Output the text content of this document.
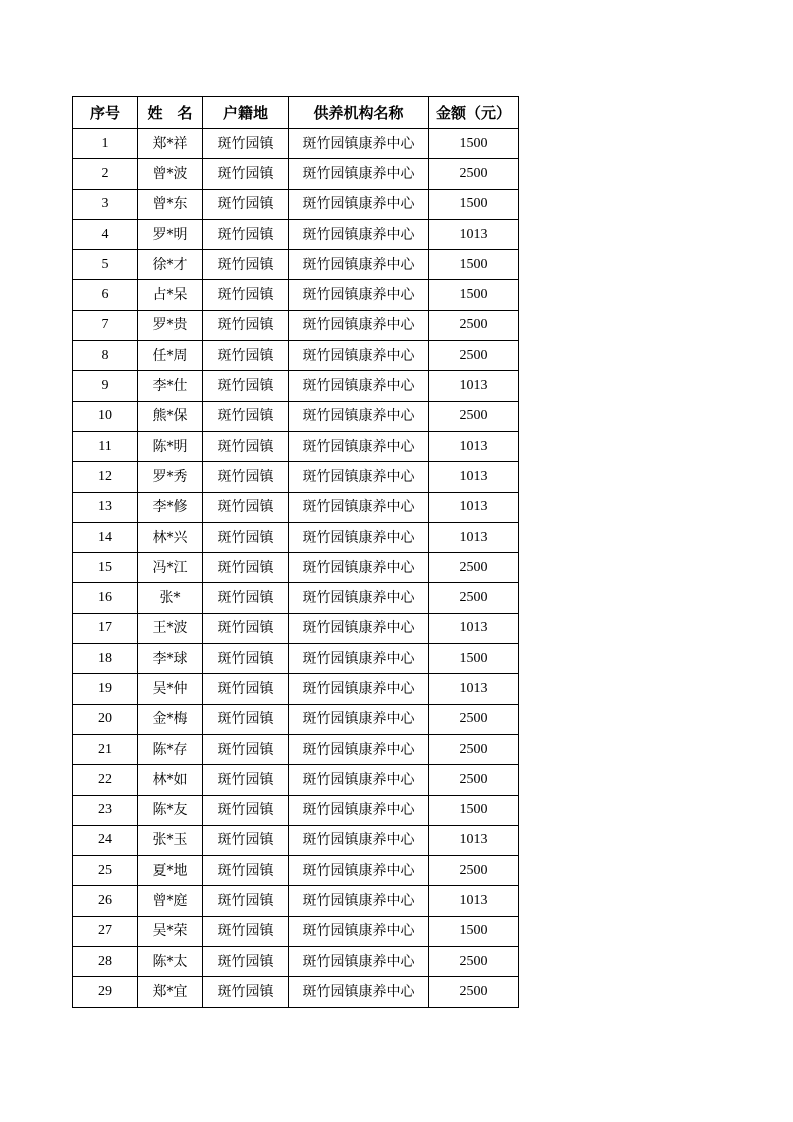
序号	姓　名	户籍地	供养机构名称	金额（元）
1	郑*祥	斑竹园镇	斑竹园镇康养中心	1500
2	曾*波	斑竹园镇	斑竹园镇康养中心	2500
3	曾*东	斑竹园镇	斑竹园镇康养中心	1500
4	罗*明	斑竹园镇	斑竹园镇康养中心	1013
5	徐*才	斑竹园镇	斑竹园镇康养中心	1500
6	占*呆	斑竹园镇	斑竹园镇康养中心	1500
7	罗*贵	斑竹园镇	斑竹园镇康养中心	2500
8	任*周	斑竹园镇	斑竹园镇康养中心	2500
9	李*仕	斑竹园镇	斑竹园镇康养中心	1013
10	熊*保	斑竹园镇	斑竹园镇康养中心	2500
11	陈*明	斑竹园镇	斑竹园镇康养中心	1013
12	罗*秀	斑竹园镇	斑竹园镇康养中心	1013
13	李*修	斑竹园镇	斑竹园镇康养中心	1013
14	林*兴	斑竹园镇	斑竹园镇康养中心	1013
15	冯*江	斑竹园镇	斑竹园镇康养中心	2500
16	张*	斑竹园镇	斑竹园镇康养中心	2500
17	王*波	斑竹园镇	斑竹园镇康养中心	1013
18	李*球	斑竹园镇	斑竹园镇康养中心	1500
19	吴*仲	斑竹园镇	斑竹园镇康养中心	1013
20	金*梅	斑竹园镇	斑竹园镇康养中心	2500
21	陈*存	斑竹园镇	斑竹园镇康养中心	2500
22	林*如	斑竹园镇	斑竹园镇康养中心	2500
23	陈*友	斑竹园镇	斑竹园镇康养中心	1500
24	张*玉	斑竹园镇	斑竹园镇康养中心	1013
25	夏*地	斑竹园镇	斑竹园镇康养中心	2500
26	曾*庭	斑竹园镇	斑竹园镇康养中心	1013
27	吴*荣	斑竹园镇	斑竹园镇康养中心	1500
28	陈*太	斑竹园镇	斑竹园镇康养中心	2500
29	郑*宜	斑竹园镇	斑竹园镇康养中心	2500
